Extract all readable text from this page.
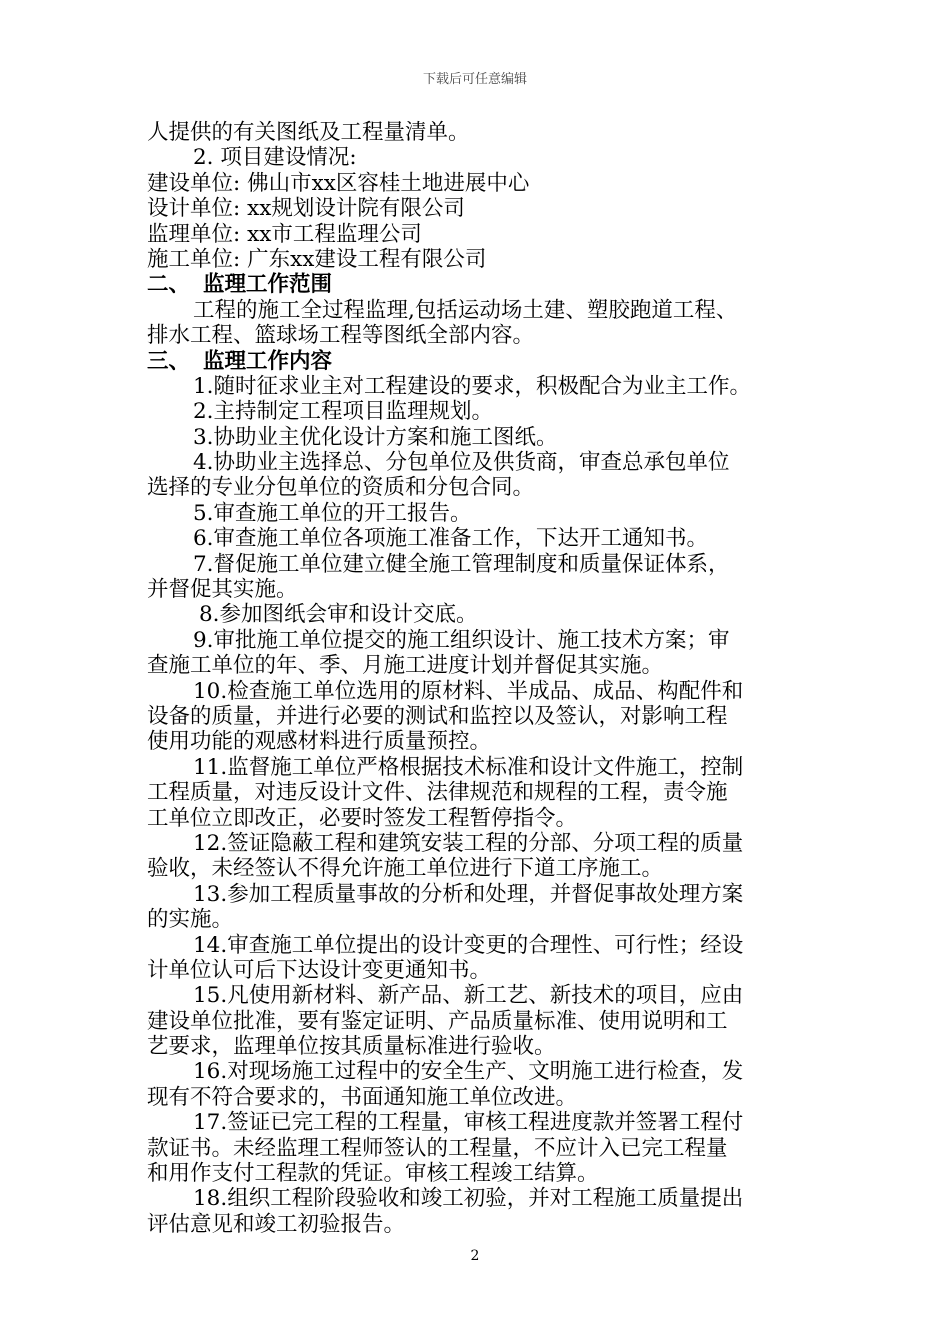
下载后可任意编辑
人提供的有关图纸及工程量清单。
2. 项目建设情况:
建设单位: 佛山市xx区容桂土地进展中心
设计单位: xx规划设计院有限公司
监理单位: xx市工程监理公司
施工单位: 广东xx建设工程有限公司
二、 监理工作范围
工程的施工全过程监理,包括运动场土建、塑胶跑道工程、
排水工程、篮球场工程等图纸全部内容。
三、 监理工作内容
1.随时征求业主对工程建设的要求，积极配合为业主工作。
2.主持制定工程项目监理规划。
3.协助业主优化设计方案和施工图纸。
4.协助业主选择总、分包单位及供货商，审查总承包单位
选择的专业分包单位的资质和分包合同。
5.审查施工单位的开工报告。
6.审查施工单位各项施工准备工作，下达开工通知书。
7.督促施工单位建立健全施工管理制度和质量保证体系，
并督促其实施。
8.参加图纸会审和设计交底。
9.审批施工单位提交的施工组织设计、施工技术方案；审
查施工单位的年、季、月施工进度计划并督促其实施。
10.检查施工单位选用的原材料、半成品、成品、构配件和
设备的质量，并进行必要的测试和监控以及签认，对影响工程
使用功能的观感材料进行质量预控。
11.监督施工单位严格根据技术标准和设计文件施工，控制
工程质量，对违反设计文件、法律规范和规程的工程，责令施
工单位立即改正，必要时签发工程暂停指令。
12.签证隐蔽工程和建筑安装工程的分部、分项工程的质量
验收，未经签认不得允许施工单位进行下道工序施工。
13.参加工程质量事故的分析和处理，并督促事故处理方案
的实施。
14.审查施工单位提出的设计变更的合理性、可行性；经设
计单位认可后下达设计变更通知书。
15.凡使用新材料、新产品、新工艺、新技术的项目，应由
建设单位批准，要有鉴定证明、产品质量标准、使用说明和工
艺要求，监理单位按其质量标准进行验收。
16.对现场施工过程中的安全生产、文明施工进行检查，发
现有不符合要求的，书面通知施工单位改进。
17.签证已完工程的工程量，审核工程进度款并签署工程付
款证书。未经监理工程师签认的工程量，不应计入已完工程量
和用作支付工程款的凭证。审核工程竣工结算。
18.组织工程阶段验收和竣工初验，并对工程施工质量提出
评估意见和竣工初验报告。
2
